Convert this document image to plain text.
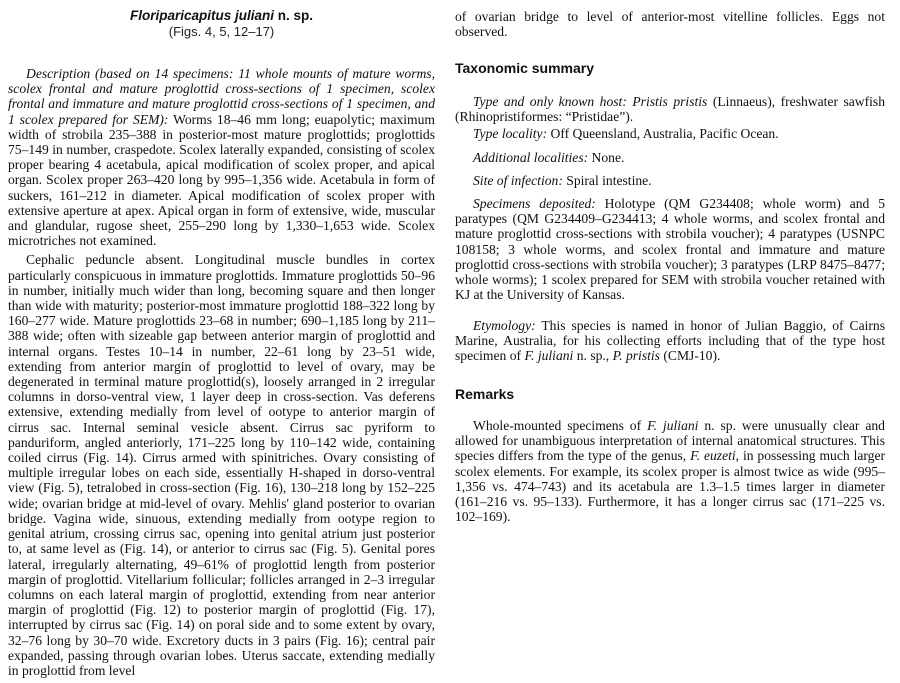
Floriparicapitus juliani n. sp.
(Figs. 4, 5, 12–17)

Description (based on 14 specimens: 11 whole mounts of mature worms, scolex frontal and mature proglottid cross-sections of 1 specimen, scolex frontal and immature and mature proglottid cross-sections of 1 specimen, and 1 scolex prepared for SEM): Worms 18–46 mm long; euapolytic; maximum width of strobila 235–388 in posterior-most mature proglottids; proglottids 75–149 in number, craspedote. Scolex laterally expanded, consisting of scolex proper bearing 4 acetabula, apical modification of scolex proper, and apical organ. Scolex proper 263–420 long by 995–1,356 wide. Acetabula in form of suckers, 161–212 in diameter. Apical modification of scolex proper with extensive aperture at apex. Apical organ in form of extensive, wide, muscular and glandular, rugose sheet, 255–290 long by 1,330–1,653 wide. Scolex microtriches not examined.

Cephalic peduncle absent. Longitudinal muscle bundles in cortex particularly conspicuous in immature proglottids. Immature proglottids 50–96 in number, initially much wider than long, becoming square and then longer than wide with maturity; posterior-most immature proglottid 188–322 long by 160–277 wide. Mature proglottids 23–68 in number; 690–1,185 long by 211–388 wide; often with sizeable gap between anterior margin of proglottid and internal organs. Testes 10–14 in number, 22–61 long by 23–51 wide, extending from anterior margin of proglottid to level of ovary, may be degenerated in terminal mature proglottid(s), loosely arranged in 2 irregular columns in dorso-ventral view, 1 layer deep in cross-section. Vas deferens extensive, extending medially from level of ootype to anterior margin of cirrus sac. Internal seminal vesicle absent. Cirrus sac pyriform to panduriform, angled anteriorly, 171–225 long by 110–142 wide, containing coiled cirrus (Fig. 14). Cirrus armed with spinitriches. Ovary consisting of multiple irregular lobes on each side, essentially H-shaped in dorso-ventral view (Fig. 5), tetralobed in cross-section (Fig. 16), 130–218 long by 152–225 wide; ovarian bridge at mid-level of ovary. Mehlis' gland posterior to ovarian bridge. Vagina wide, sinuous, extending medially from ootype region to genital atrium, crossing cirrus sac, opening into genital atrium just posterior to, at same level as (Fig. 14), or anterior to cirrus sac (Fig. 5). Genital pores lateral, irregularly alternating, 49–61% of proglottid length from posterior margin of proglottid. Vitellarium follicular; follicles arranged in 2–3 irregular columns on each lateral margin of proglottid, extending from near anterior margin of proglottid (Fig. 12) to posterior margin of proglottid (Fig. 17), interrupted by cirrus sac (Fig. 14) on poral side and to some extent by ovary, 32–76 long by 30–70 wide. Excretory ducts in 3 pairs (Fig. 16); central pair expanded, passing through ovarian lobes. Uterus saccate, extending medially in proglottid from level

of ovarian bridge to level of anterior-most vitelline follicles. Eggs not observed.
Taxonomic summary

Type and only known host: Pristis pristis (Linnaeus), freshwater sawfish (Rhinopristiformes: “Pristidae”).

Type locality: Off Queensland, Australia, Pacific Ocean.

Additional localities: None.

Site of infection: Spiral intestine.

Specimens deposited: Holotype (QM G234408; whole worm) and 5 paratypes (QM G234409–G234413; 4 whole worms, and scolex frontal and mature proglottid cross-sections with strobila voucher); 4 paratypes (USNPC 108158; 3 whole worms, and scolex frontal and immature and mature proglottid cross-sections with strobila voucher); 3 paratypes (LRP 8475–8477; whole worms); 1 scolex prepared for SEM with strobila voucher retained with KJ at the University of Kansas.

Etymology: This species is named in honor of Julian Baggio, of Cairns Marine, Australia, for his collecting efforts including that of the type host specimen of F. juliani n. sp., P. pristis (CMJ-10).

Remarks

Whole-mounted specimens of F. juliani n. sp. were unusually clear and allowed for unambiguous interpretation of internal anatomical structures. This species differs from the type of the genus, F. euzeti, in possessing much larger scolex elements. For example, its scolex proper is almost twice as wide (995–1,356 vs. 474–743) and its acetabula are 1.3–1.5 times larger in diameter (161–216 vs. 95–133). Furthermore, it has a longer cirrus sac (171–225 vs. 102–169).
